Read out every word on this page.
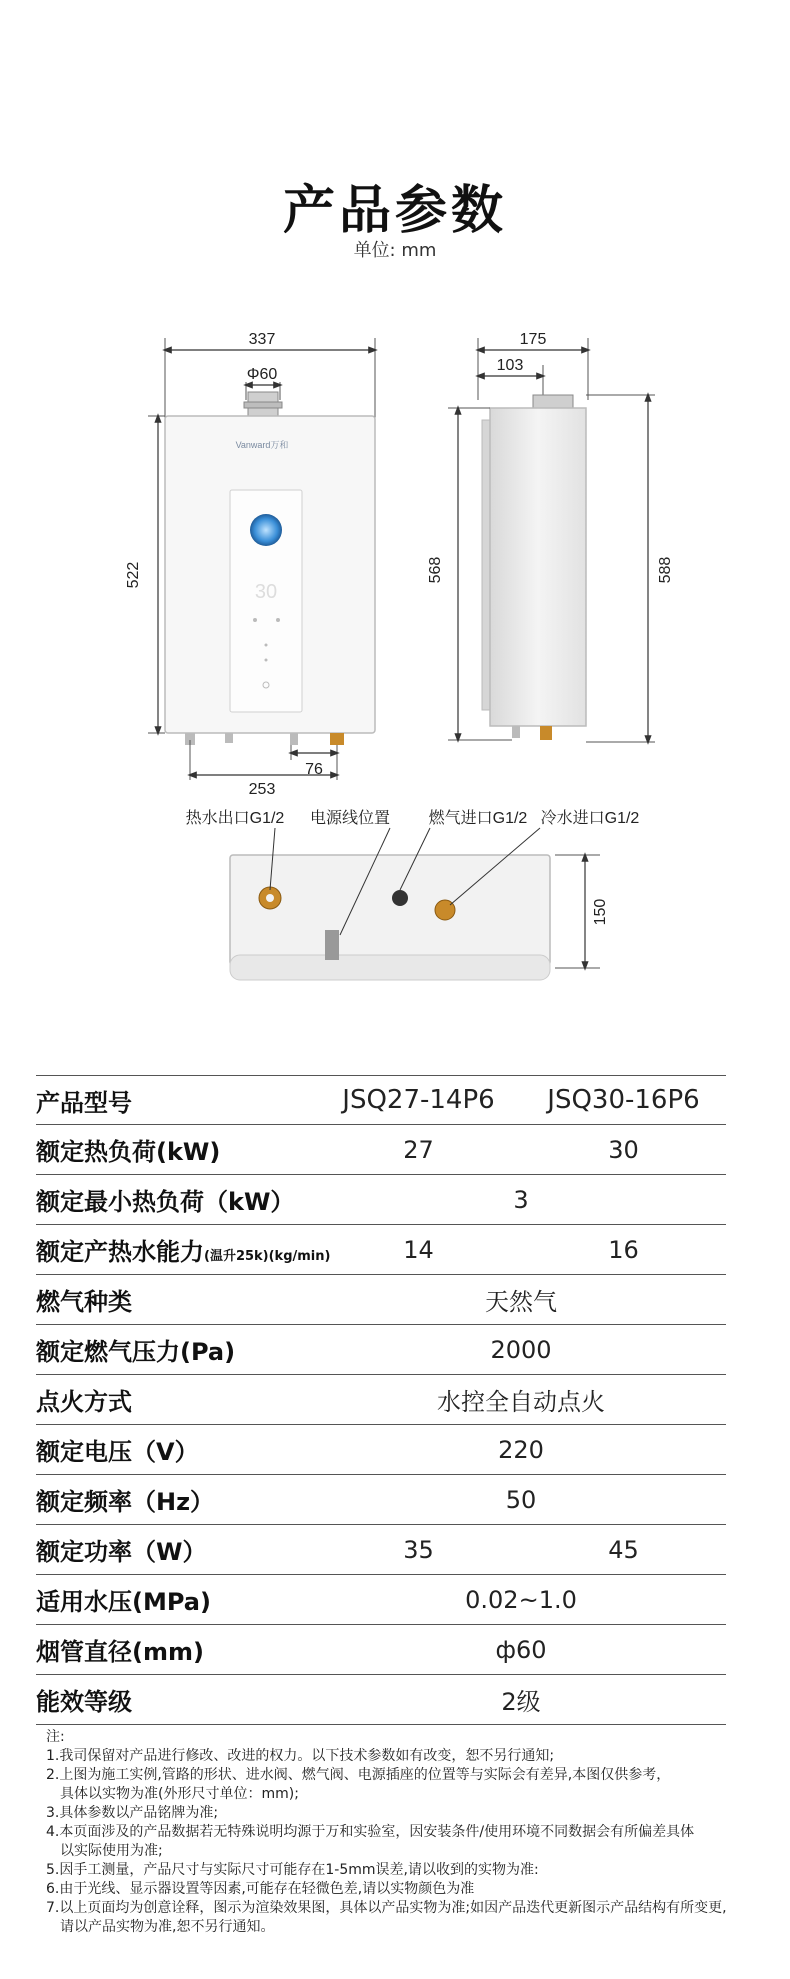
产品参数
单位: mm
337
Φ60
Vanward万和
30
522
76
253
175
103
568	588
热水出口G1/2 电源线位置 燃气进口G1/2 冷水进口G1/2
150
产品型号	JSQ27-14P6	JSQ30-16P6
额定热负荷(kW)	27	30
额定最小热负荷（kW）	3
额定产热水能力(温升25k)(kg/min)	14	16
燃气种类	天然气
额定燃气压力(Pa)	2000
点火方式	水控全自动点火
额定电压（V）	220
额定频率（Hz）	50
额定功率（W）	35	45
适用水压(MPa)	0.02~1.0
烟管直径(mm)	ф60
能效等级	2级
注:
1.我司保留对产品进行修改、改进的权力。以下技术参数如有改变，恕不另行通知;
2.上图为施工实例,管路的形状、进水阀、燃气阀、电源插座的位置等与实际会有差异,本图仅供参考，
具体以实物为准(外形尺寸单位：mm);
3.具体参数以产品铭牌为准;
4.本页面涉及的产品数据若无特殊说明均源于万和实验室，因安装条件/使用环境不同数据会有所偏差具体
以实际使用为准;
5.因手工测量，产品尺寸与实际尺寸可能存在1-5mm误差,请以收到的实物为准:
6.由于光线、显示器设置等因素,可能存在轻微色差,请以实物颜色为准
7.以上页面均为创意诠释，图示为渲染效果图，具体以产品实物为准;如因产品迭代更新图示产品结构有所变更,
请以产品实物为准,恕不另行通知。
